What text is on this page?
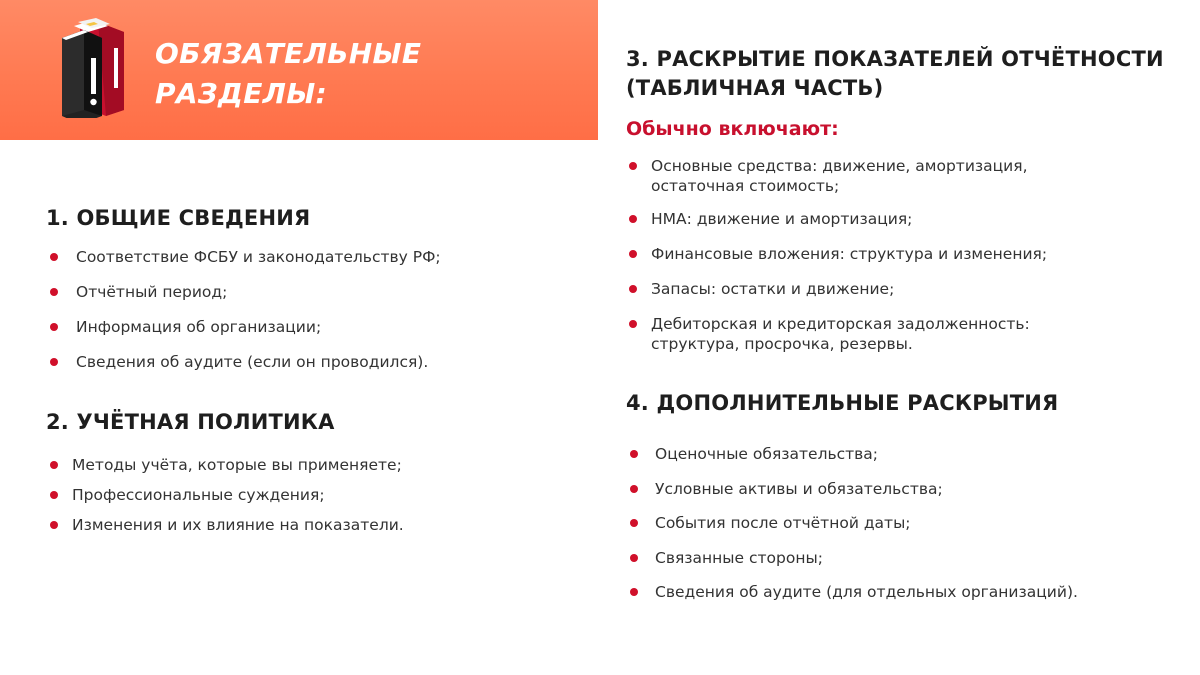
ОБЯЗАТЕЛЬНЫЕ
РАЗДЕЛЫ:
1. ОБЩИЕ СВЕДЕНИЯ
Соответствие ФСБУ и законодательству РФ;
Отчётный период;
Информация об организации;
Сведения об аудите (если он проводился).
2. УЧЁТНАЯ ПОЛИТИКА
Методы учёта, которые вы применяете;
Профессиональные суждения;
Изменения и их влияние на показатели.
3. РАСКРЫТИЕ ПОКАЗАТЕЛЕЙ ОТЧЁТНОСТИ
(ТАБЛИЧНАЯ ЧАСТЬ)
Обычно включают:
Основные средства: движение, амортизация,
остаточная стоимость;
НМА: движение и амортизация;
Финансовые вложения: структура и изменения;
Запасы: остатки и движение;
Дебиторская и кредиторская задолженность:
структура, просрочка, резервы.
4. ДОПОЛНИТЕЛЬНЫЕ РАСКРЫТИЯ
Оценочные обязательства;
Условные активы и обязательства;
События после отчётной даты;
Связанные стороны;
Сведения об аудите (для отдельных организаций).
